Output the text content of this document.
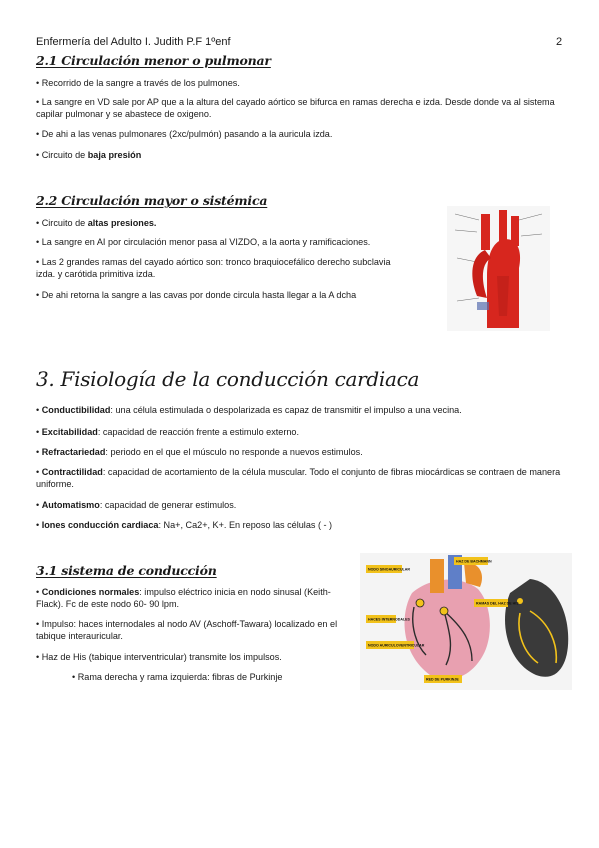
Enfermería del Adulto I. Judith P.F 1ºenf	2
2.1 Circulación menor o pulmonar
• Recorrido de la sangre a través de los pulmones.
• La sangre en VD sale por AP que a la altura del cayado aórtico se bifurca en ramas derecha e izda. Desde donde va al sistema capilar pulmonar y se abastece de oxigeno.
• De ahi a las venas pulmonares (2xc/pulmón) pasando a la auricula izda.
• Circuito de baja presión
2.2 Circulación mayor o sistémica
• Circuito de altas presiones.
• La sangre en AI por circulación menor pasa al VIZDO, a la aorta y ramificaciones.
• Las 2 grandes ramas del cayado aórtico son: tronco braquiocefálico derecho subclavia izda. y carótida primitiva izda.
• De ahi retorna la sangre a las cavas por donde circula hasta llegar a la A dcha
3. Fisiología de la conducción cardiaca
• Conductibilidad: una célula estimulada o despolarizada es capaz de transmitir el impulso a una vecina.
• Excitabilidad: capacidad de reacción frente a estimulo externo.
• Refractariedad: periodo en el que el músculo no responde a nuevos estimulos.
• Contractilidad: capacidad de acortamiento de la célula muscular. Todo el conjunto de fibras miocárdicas se contraen de manera uniforme.
• Automatismo: capacidad de generar estimulos.
• Iones conducción cardiaca: Na+, Ca2+, K+. En reposo las células ( - )
3.1 sistema de conducción
• Condiciones normales: impulso eléctrico inicia en nodo sinusal (Keith-Flack). Fc de este nodo 60- 90 lpm.
• Impulso: haces internodales al nodo AV (Aschoff-Tawara) localizado en el tabique interauricular.
• Haz de His (tabique interventricular) transmite los impulsos.
• Rama derecha y rama izquierda: fibras de Purkinje
NODO SINOAURICULAR
HAZ DE BACHMANN
HACES INTERNODALES
RAMAS DEL HAZ DE HIS
NODO AURICULOVENTRICULAR
RED DE PURKINJE
